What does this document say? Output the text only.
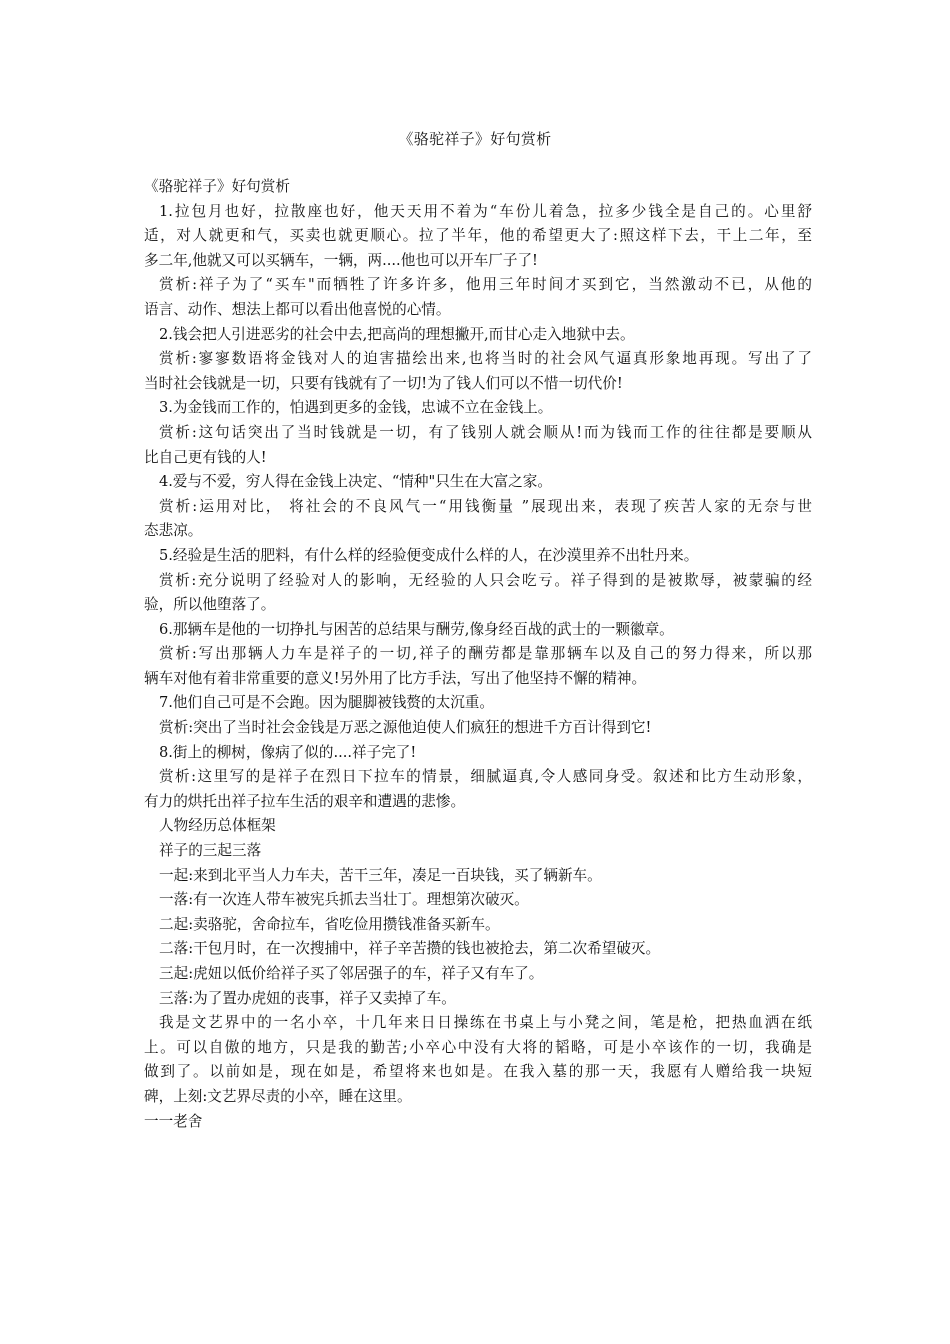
《骆驼祥子》好句赏析
《骆驼祥子》好句赏析
1.拉包月也好，拉散座也好，他天天用不着为“车份儿着急，拉多少钱全是自己的。心里舒
适，对人就更和气，买卖也就更顺心。拉了半年，他的希望更大了:照这样下去，干上二年，至
多二年,他就又可以买辆车，一辆，两....他也可以开车厂子了!
赏析:祥子为了“买车"而牺牲了许多许多，他用三年时间才买到它，当然激动不已，从他的
语言、动作、想法上都可以看出他喜悦的心情。
2.钱会把人引进恶劣的社会中去,把高尚的理想撇开,而甘心走入地狱中去。
赏析:寥寥数语将金钱对人的迫害描绘出来,也将当时的社会风气逼真形象地再现。写出了了
当时社会钱就是一切，只要有钱就有了一切!为了钱人们可以不惜一切代价!
3.为金钱而工作的，怕遇到更多的金钱，忠诚不立在金钱上。
赏析:这句话突出了当时钱就是一切，有了钱别人就会顺从!而为钱而工作的往往都是要顺从
比自己更有钱的人!
4.爱与不爱，穷人得在金钱上决定、“情种"只生在大富之家。
赏析:运用对比， 将社会的不良风气一“用钱衡量 ”展现出来，表现了疾苦人家的无奈与世
态悲凉。
5.经验是生活的肥料，有什么样的经验便变成什么样的人，在沙漠里养不出牡丹来。
赏析:充分说明了经验对人的影响，无经验的人只会吃亏。祥子得到的是被欺辱，被蒙骗的经
验，所以他堕落了。
6.那辆车是他的一切挣扎与困苦的总结果与酬劳,像身经百战的武士的一颗徽章。
赏析:写出那辆人力车是祥子的一切,祥子的酬劳都是靠那辆车以及自己的努力得来，所以那
辆车对他有着非常重要的意义!另外用了比方手法，写出了他坚持不懈的精神。
7.他们自己可是不会跑。因为腿脚被钱赘的太沉重。
赏析:突出了当时社会金钱是万恶之源他迫使人们疯狂的想进千方百计得到它!
8.街上的柳树，像病了似的....祥子完了!
赏析:这里写的是祥子在烈日下拉车的情景，细腻逼真,令人感同身受。叙述和比方生动形象，
有力的烘托出祥子拉车生活的艰辛和遭遇的悲惨。
人物经历总体框架
祥子的三起三落
一起:来到北平当人力车夫，苦干三年，凑足一百块钱，买了辆新车。
一落:有一次连人带车被宪兵抓去当壮丁。理想第次破灭。
二起:卖骆驼，舍命拉车，省吃俭用攒钱准备买新车。
二落:干包月时，在一次搜捕中，祥子辛苦攒的钱也被抢去，第二次希望破灭。
三起:虎妞以低价给祥子买了邻居强子的车，祥子又有车了。
三落:为了置办虎妞的丧事，祥子又卖掉了车。
我是文艺界中的一名小卒，十几年来日日操练在书桌上与小凳之间，笔是枪，把热血洒在纸
上。可以自傲的地方，只是我的勤苦;小卒心中没有大将的韬略，可是小卒该作的一切，我确是
做到了。以前如是，现在如是，希望将来也如是。在我入墓的那一天，我愿有人赠给我一块短
碑，上刻:文艺界尽责的小卒，睡在这里。
一一老舍
